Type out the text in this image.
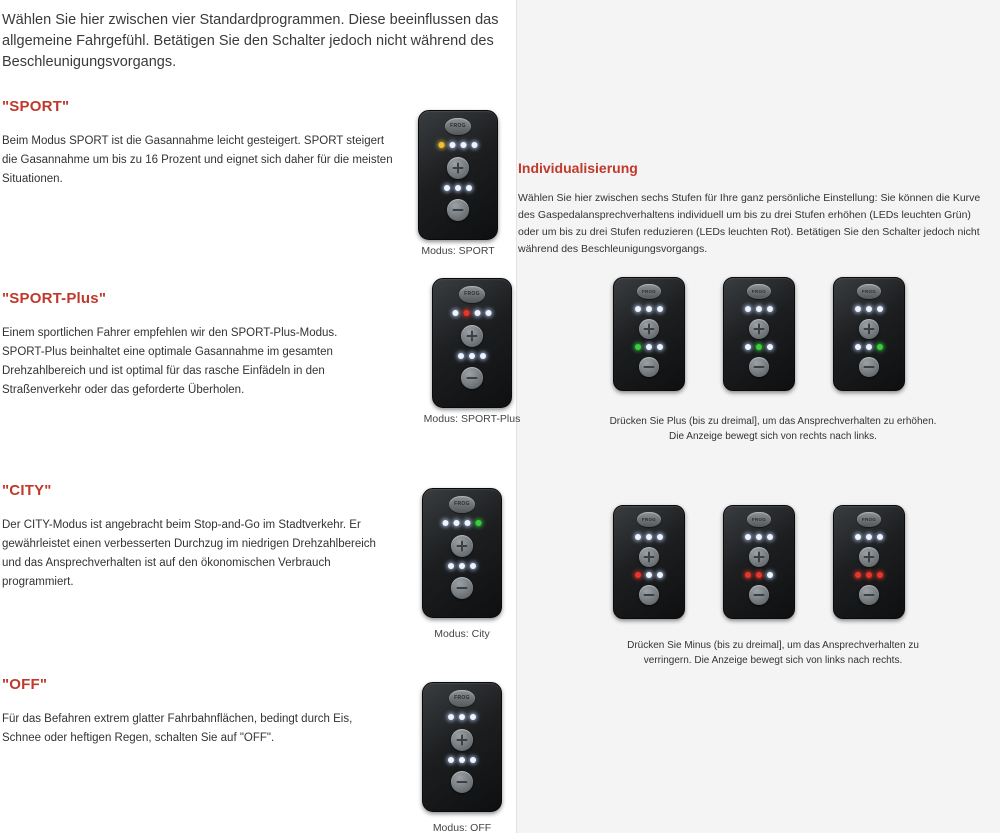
Wählen Sie hier zwischen vier Standardprogrammen. Diese beeinflussen das allgemeine Fahrgefühl. Betätigen Sie den Schalter jedoch nicht während des Beschleunigungsvorgangs.
"SPORT"
Beim Modus SPORT ist die Gasannahme leicht gesteigert. SPORT steigert die Gasannahme um bis zu 16 Prozent und eignet sich daher für die meisten Situationen.
FROG
Modus: SPORT
"SPORT-Plus"
Einem sportlichen Fahrer empfehlen wir den SPORT-Plus-Modus. SPORT-Plus beinhaltet eine optimale Gasannahme im gesamten Drehzahlbereich und ist optimal für das rasche Einfädeln in den Straßenverkehr oder das geforderte Überholen.
FROG
Modus: SPORT-Plus
"CITY"
Der CITY-Modus ist angebracht beim Stop-and-Go im Stadtverkehr. Er gewährleistet einen verbesserten Durchzug im niedrigen Drehzahlbereich und das Ansprechverhalten ist auf den ökonomischen Verbrauch programmiert.
FROG
Modus: City
"OFF"
Für das Befahren extrem glatter Fahrbahnflächen, bedingt durch Eis, Schnee oder heftigen Regen, schalten Sie auf "OFF".
FROG
Modus: OFF
Individualisierung
Wählen Sie hier zwischen sechs Stufen für Ihre ganz persönliche Einstellung: Sie können die Kurve des Gaspedalansprechverhaltens individuell um bis zu drei Stufen erhöhen (LEDs leuchten Grün) oder um bis zu drei Stufen reduzieren (LEDs leuchten Rot). Betätigen Sie den Schalter jedoch nicht während des Beschleunigungsvorgangs.
FROG	FROG	FROG
Drücken Sie Plus (bis zu dreimal], um das Ansprechverhalten zu erhöhen. Die Anzeige bewegt sich von rechts nach links.
FROG	FROG	FROG
Drücken Sie Minus (bis zu dreimal], um das Ansprechverhalten zu verringern. Die Anzeige bewegt sich von links nach rechts.
